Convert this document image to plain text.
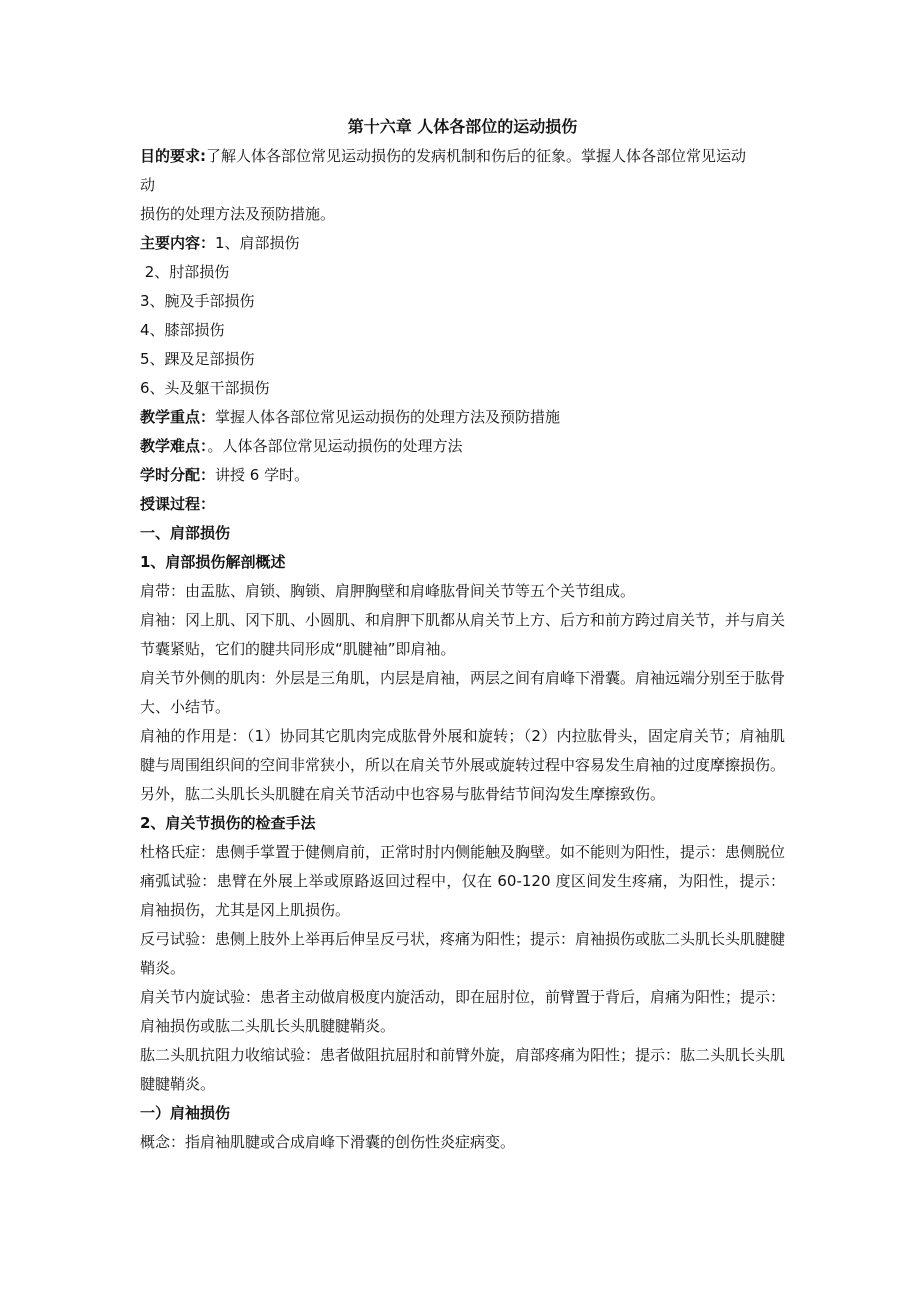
第十六章 人体各部位的运动损伤

目的要求:了解人体各部位常见运动损伤的发病机制和伤后的征象。掌握人体各部位常见运动

动

损伤的处理方法及预防措施。

主要内容：1、肩部损伤

2、肘部损伤

3、腕及手部损伤

4、膝部损伤

5、踝及足部损伤

6、头及躯干部损伤

教学重点：掌握人体各部位常见运动损伤的处理方法及预防措施

教学难点：。人体各部位常见运动损伤的处理方法

学时分配：讲授 6 学时。

授课过程：

一、肩部损伤

1、肩部损伤解剖概述

肩带：由盂肱、肩锁、胸锁、肩胛胸壁和肩峰肱骨间关节等五个关节组成。

肩袖：冈上肌、冈下肌、小圆肌、和肩胛下肌都从肩关节上方、后方和前方跨过肩关节，并与肩关节囊紧贴，它们的腱共同形成“肌腱袖”即肩袖。

肩关节外侧的肌肉：外层是三角肌，内层是肩袖，两层之间有肩峰下滑囊。肩袖远端分别至于肱骨大、小结节。

肩袖的作用是：（1）协同其它肌肉完成肱骨外展和旋转；（2）内拉肱骨头，固定肩关节；肩袖肌腱与周围组织间的空间非常狭小，所以在肩关节外展或旋转过程中容易发生肩袖的过度摩擦损伤。另外，肱二头肌长头肌腱在肩关节活动中也容易与肱骨结节间沟发生摩擦致伤。

2、肩关节损伤的检查手法

杜格氏症：患侧手掌置于健侧肩前，正常时肘内侧能触及胸壁。如不能则为阳性，提示：患侧脱位

痛弧试验：患臂在外展上举或原路返回过程中，仅在 60-120 度区间发生疼痛，为阳性，提示：肩袖损伤，尤其是冈上肌损伤。

反弓试验：患侧上肢外上举再后伸呈反弓状，疼痛为阳性；提示：肩袖损伤或肱二头肌长头肌腱腱鞘炎。

肩关节内旋试验：患者主动做肩极度内旋活动，即在屈肘位，前臂置于背后，肩痛为阳性；提示：肩袖损伤或肱二头肌长头肌腱腱鞘炎。

肱二头肌抗阻力收缩试验：患者做阻抗屈肘和前臂外旋，肩部疼痛为阳性；提示：肱二头肌长头肌腱腱鞘炎。

一）肩袖损伤

概念：指肩袖肌腱或合成肩峰下滑囊的创伤性炎症病变。
